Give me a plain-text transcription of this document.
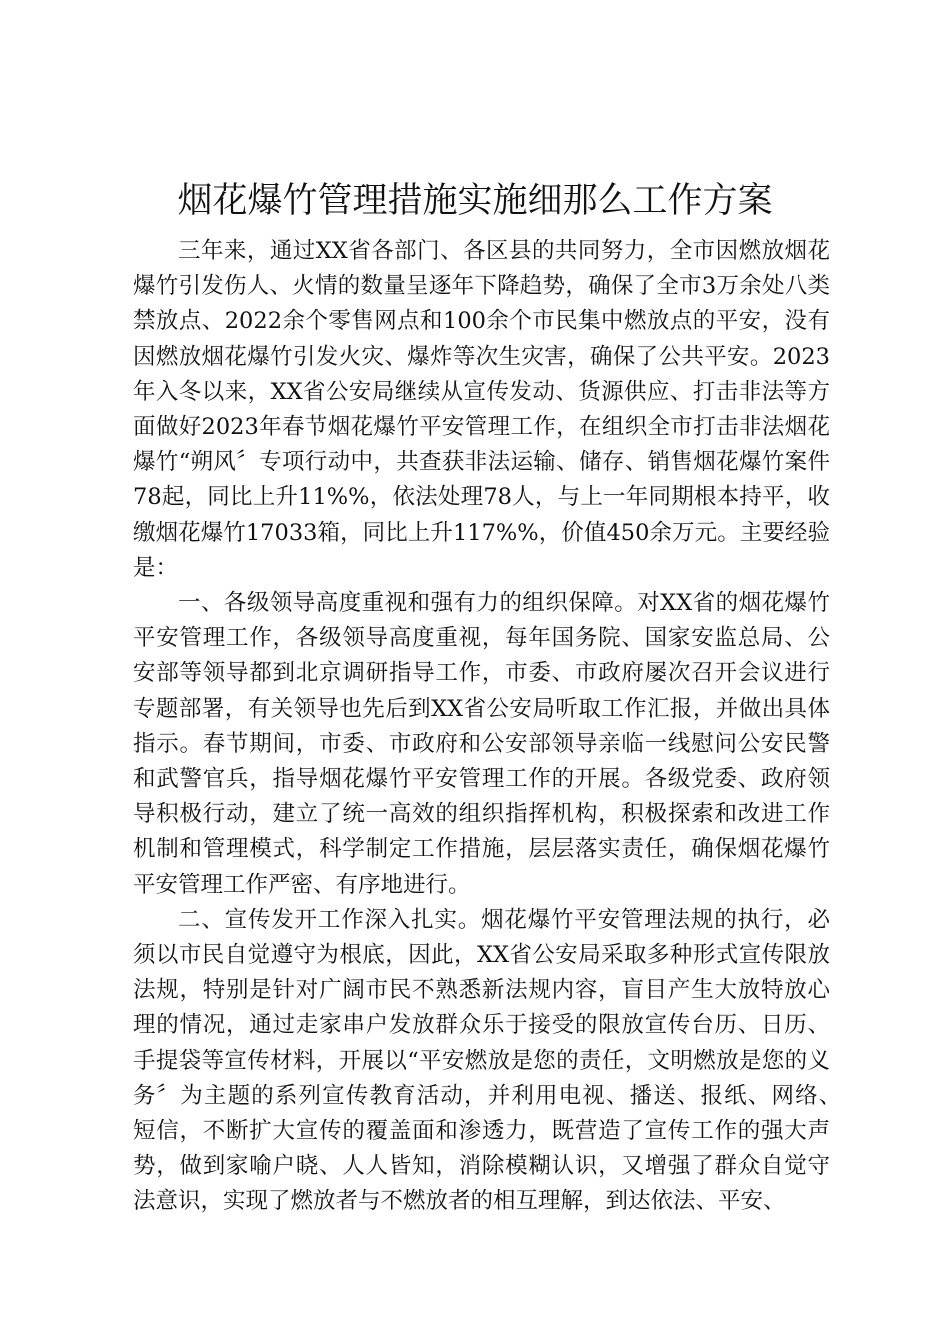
烟花爆竹管理措施实施细那么工作方案

三年来，通过XX省各部门、各区县的共同努力，全市因燃放烟花爆竹引发伤人、火情的数量呈逐年下降趋势，确保了全市3万余处八类禁放点、2022余个零售网点和100余个市民集中燃放点的平安，没有因燃放烟花爆竹引发火灾、爆炸等次生灾害，确保了公共平安。2023年入冬以来，XX省公安局继续从宣传发动、货源供应、打击非法等方面做好2023年春节烟花爆竹平安管理工作，在组织全市打击非法烟花爆竹“朔风〞专项行动中，共查获非法运输、储存、销售烟花爆竹案件78起，同比上升11%%，依法处理78人，与上一年同期根本持平，收缴烟花爆竹17033箱，同比上升117%%，价值450余万元。主要经验是：

一、各级领导高度重视和强有力的组织保障。对XX省的烟花爆竹平安管理工作，各级领导高度重视，每年国务院、国家安监总局、公安部等领导都到北京调研指导工作，市委、市政府屡次召开会议进行专题部署，有关领导也先后到XX省公安局听取工作汇报，并做出具体指示。春节期间，市委、市政府和公安部领导亲临一线慰问公安民警和武警官兵，指导烟花爆竹平安管理工作的开展。各级党委、政府领导积极行动，建立了统一高效的组织指挥机构，积极探索和改进工作机制和管理模式，科学制定工作措施，层层落实责任，确保烟花爆竹平安管理工作严密、有序地进行。

二、宣传发开工作深入扎实。烟花爆竹平安管理法规的执行，必须以市民自觉遵守为根底，因此，XX省公安局采取多种形式宣传限放法规，特别是针对广阔市民不熟悉新法规内容，盲目产生大放特放心理的情况，通过走家串户发放群众乐于接受的限放宣传台历、日历、手提袋等宣传材料，开展以“平安燃放是您的责任，文明燃放是您的义务〞为主题的系列宣传教育活动，并利用电视、播送、报纸、网络、　短信，不断扩大宣传的覆盖面和渗透力，既营造了宣传工作的强大声势，做到家喻户晓、人人皆知，消除模糊认识，又增强了群众自觉守法意识，实现了燃放者与不燃放者的相互理解，到达依法、平安、
